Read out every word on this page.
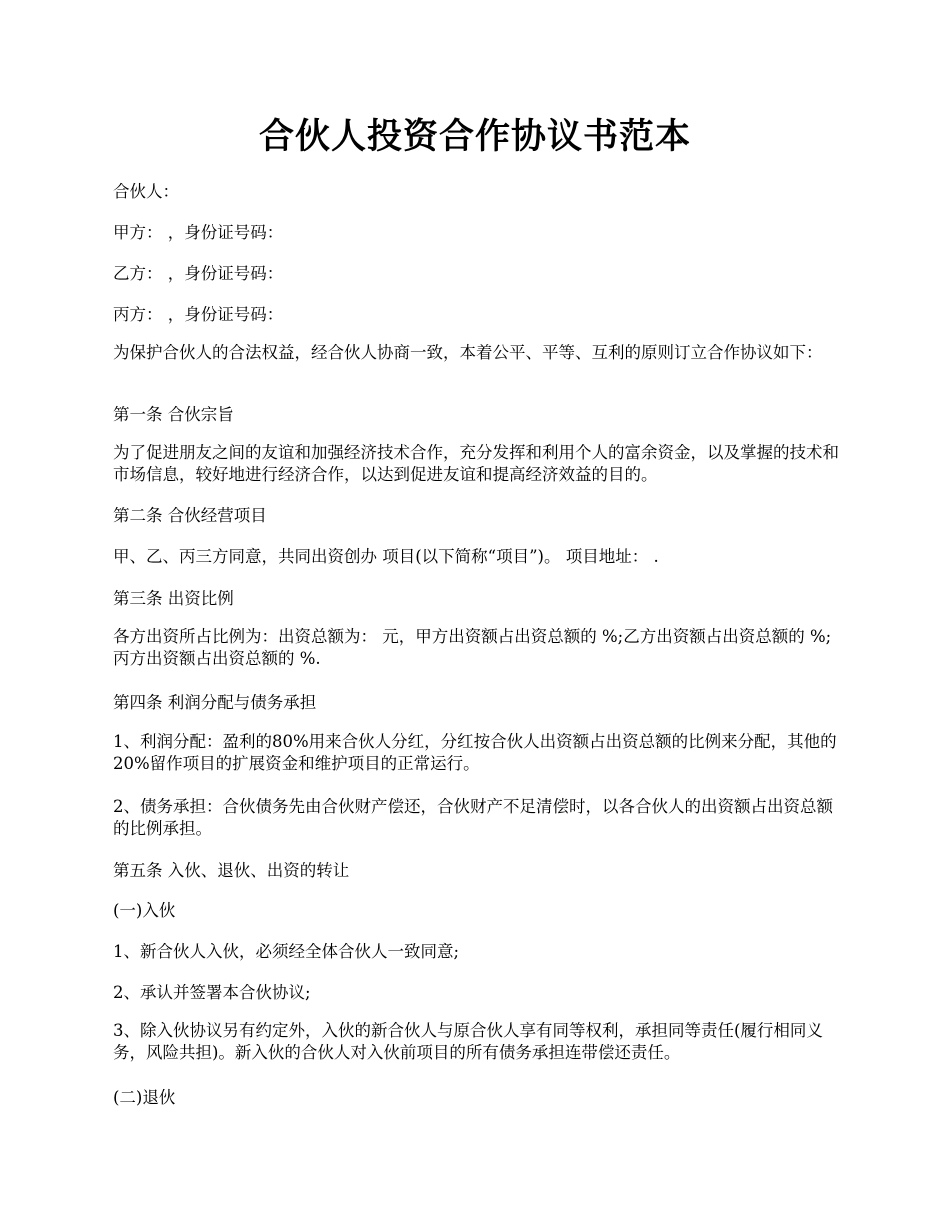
合伙人投资合作协议书范本

合伙人：

甲方： ，身份证号码：

乙方： ，身份证号码：

丙方： ，身份证号码：

为保护合伙人的合法权益，经合伙人协商一致，本着公平、平等、互利的原则订立合作协议如下：

第一条 合伙宗旨

为了促进朋友之间的友谊和加强经济技术合作，充分发挥和利用个人的富余资金，以及掌握的技术和市场信息，较好地进行经济合作，以达到促进友谊和提高经济效益的目的。

第二条 合伙经营项目

甲、乙、丙三方同意，共同出资创办 项目(以下简称“项目”)。 项目地址： .

第三条 出资比例

各方出资所占比例为：出资总额为： 元，甲方出资额占出资总额的 %;乙方出资额占出资总额的 %;丙方出资额占出资总额的 %.

第四条 利润分配与债务承担

1、利润分配：盈利的80%用来合伙人分红，分红按合伙人出资额占出资总额的比例来分配，其他的20%留作项目的扩展资金和维护项目的正常运行。

2、债务承担：合伙债务先由合伙财产偿还，合伙财产不足清偿时，以各合伙人的出资额占出资总额的比例承担。

第五条 入伙、退伙、出资的转让

(一)入伙

1、新合伙人入伙，必须经全体合伙人一致同意;

2、承认并签署本合伙协议;

3、除入伙协议另有约定外，入伙的新合伙人与原合伙人享有同等权利，承担同等责任(履行相同义务，风险共担)。新入伙的合伙人对入伙前项目的所有债务承担连带偿还责任。

(二)退伙
